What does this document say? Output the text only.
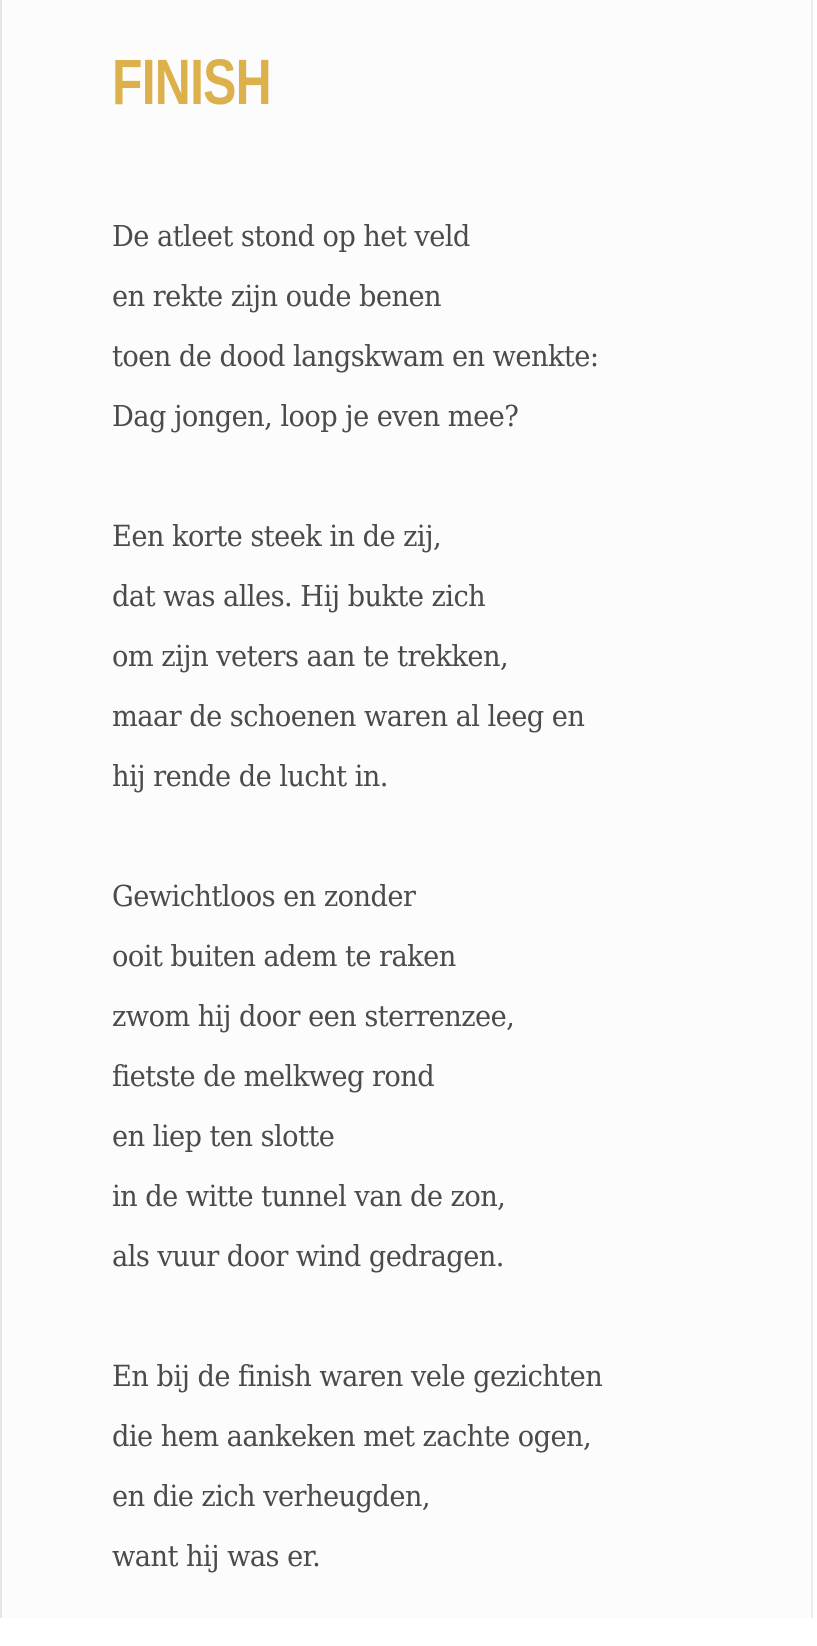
FINISH

De atleet stond op het veld
en rekte zijn oude benen
toen de dood langskwam en wenkte:
Dag jongen, loop je even mee?

Een korte steek in de zij,
dat was alles. Hij bukte zich
om zijn veters aan te trekken,
maar de schoenen waren al leeg en
hij rende de lucht in.

Gewichtloos en zonder
ooit buiten adem te raken
zwom hij door een sterrenzee,
fietste de melkweg rond
en liep ten slotte
in de witte tunnel van de zon,
als vuur door wind gedragen.

En bij de finish waren vele gezichten
die hem aankeken met zachte ogen,
en die zich verheugden,
want hij was er.
